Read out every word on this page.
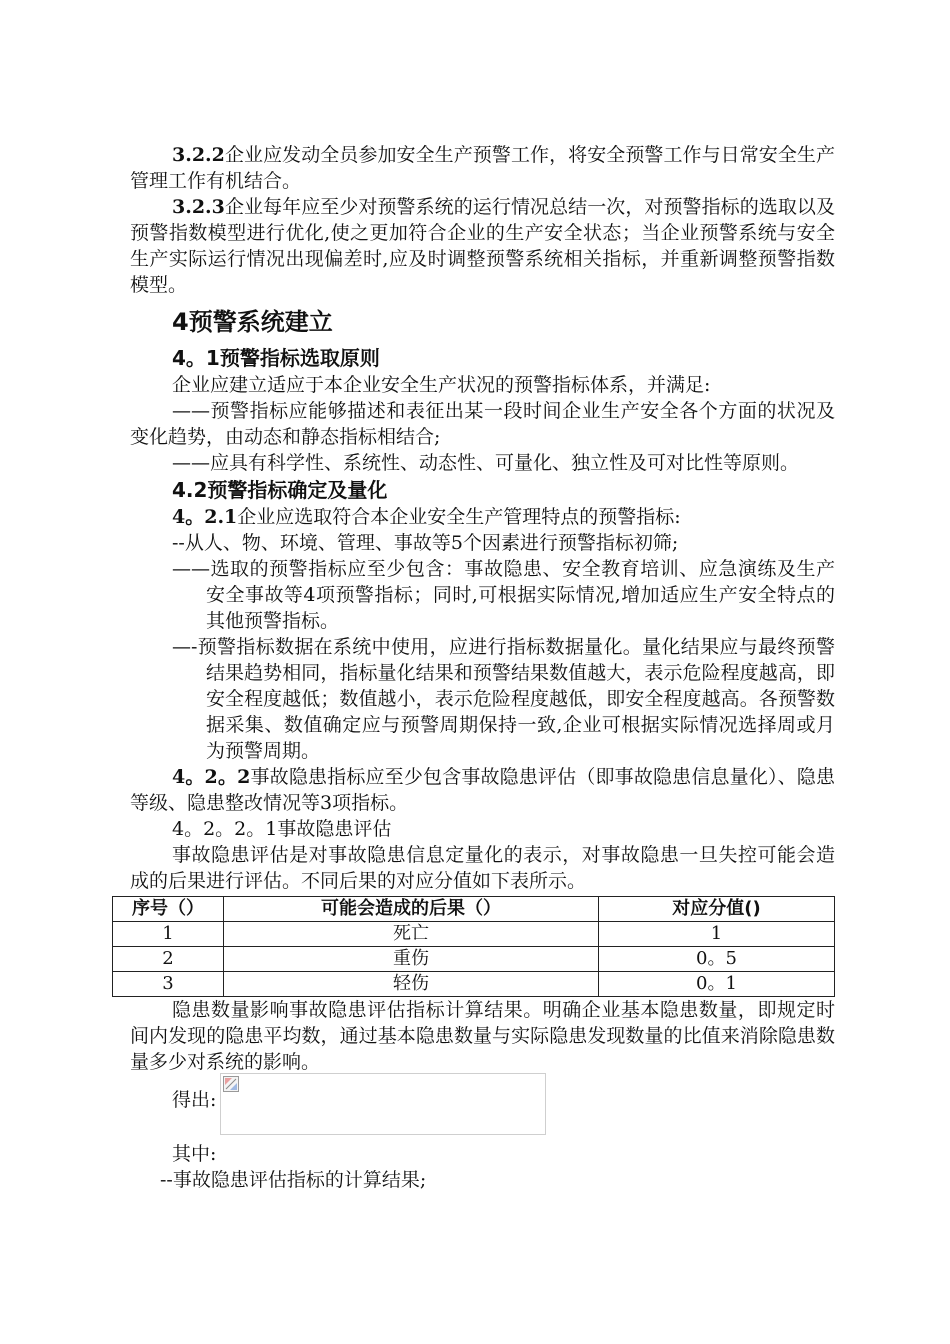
3.2.2企业应发动全员参加安全生产预警工作，将安全预警工作与日常安全生产管理工作有机结合。

3.2.3企业每年应至少对预警系统的运行情况总结一次，对预警指标的选取以及预警指数模型进行优化,使之更加符合企业的生产安全状态；当企业预警系统与安全生产实际运行情况出现偏差时,应及时调整预警系统相关指标，并重新调整预警指数模型。

4预警系统建立
4。1预警指标选取原则

企业应建立适应于本企业安全生产状况的预警指标体系，并满足:

——预警指标应能够描述和表征出某一段时间企业生产安全各个方面的状况及变化趋势，由动态和静态指标相结合;

——应具有科学性、系统性、动态性、可量化、独立性及可对比性等原则。

4.2预警指标确定及量化

4。2.1企业应选取符合本企业安全生产管理特点的预警指标:

--从人、物、环境、管理、事故等5个因素进行预警指标初筛;

——选取的预警指标应至少包含：事故隐患、安全教育培训、应急演练及生产安全事故等4项预警指标；同时,可根据实际情况,增加适应生产安全特点的其他预警指标。

—-预警指标数据在系统中使用，应进行指标数据量化。量化结果应与最终预警结果趋势相同，指标量化结果和预警结果数值越大，表示危险程度越高，即安全程度越低；数值越小，表示危险程度越低，即安全程度越高。各预警数据采集、数值确定应与预警周期保持一致,企业可根据实际情况选择周或月为预警周期。

4。2。2事故隐患指标应至少包含事故隐患评估（即事故隐患信息量化）、隐患等级、隐患整改情况等3项指标。

4。2。2。1事故隐患评估

事故隐患评估是对事故隐患信息定量化的表示，对事故隐患一旦失控可能会造成的后果进行评估。不同后果的对应分值如下表所示。

序号（）	可能会造成的后果（）	对应分值()
1	死亡	1
2	重伤	0。5
3	轻伤	0。1

隐患数量影响事故隐患评估指标计算结果。明确企业基本隐患数量，即规定时间内发现的隐患平均数，通过基本隐患数量与实际隐患发现数量的比值来消除隐患数量多少对系统的影响。

得出:

其中:

--事故隐患评估指标的计算结果;
